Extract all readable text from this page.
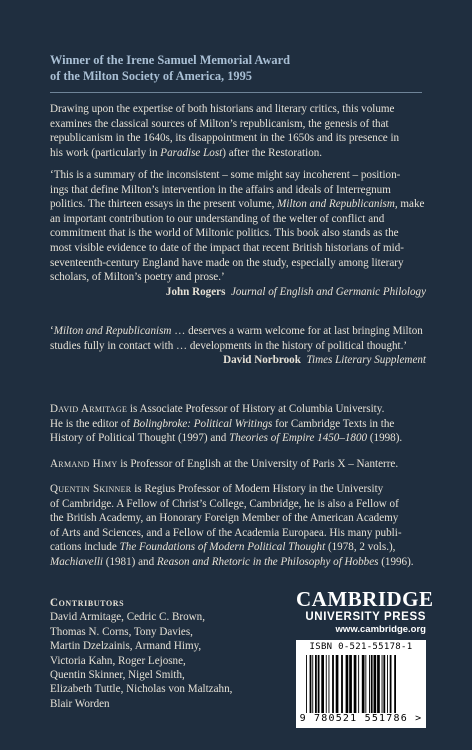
Winner of the Irene Samuel Memorial Award
of the Milton Society of America, 1995
Drawing upon the expertise of both historians and literary critics, this volume
examines the classical sources of Milton’s republicanism, the genesis of that
republicanism in the 1640s, its disappointment in the 1650s and its presence in
his work (particularly in Paradise Lost) after the Restoration.
‘This is a summary of the inconsistent – some might say incoherent – position-
ings that define Milton’s intervention in the affairs and ideals of Interregnum
politics. The thirteen essays in the present volume, Milton and Republicanism, make
an important contribution to our understanding of the welter of conflict and
commitment that is the world of Miltonic politics. This book also stands as the
most visible evidence to date of the impact that recent British historians of mid-
seventeenth-century England have made on the study, especially among literary
scholars, of Milton’s poetry and prose.’
John Rogers Journal of English and Germanic Philology
‘Milton and Republicanism … deserves a warm welcome for at last bringing Milton
studies fully in contact with … developments in the history of political thought.’
David Norbrook Times Literary Supplement
David Armitage is Associate Professor of History at Columbia University.
He is the editor of Bolingbroke: Political Writings for Cambridge Texts in the
History of Political Thought (1997) and Theories of Empire 1450–1800 (1998).
Armand Himy is Professor of English at the University of Paris X – Nanterre.
Quentin Skinner is Regius Professor of Modern History in the University
of Cambridge. A Fellow of Christ’s College, Cambridge, he is also a Fellow of
the British Academy, an Honorary Foreign Member of the American Academy
of Arts and Sciences, and a Fellow of the Academia Europaea. His many publi-
cations include The Foundations of Modern Political Thought (1978, 2 vols.),
Machiavelli (1981) and Reason and Rhetoric in the Philosophy of Hobbes (1996).
Contributors
David Armitage, Cedric C. Brown,
Thomas N. Corns, Tony Davies,
Martin Dzelzainis, Armand Himy,
Victoria Kahn, Roger Lejosne,
Quentin Skinner, Nigel Smith,
Elizabeth Tuttle, Nicholas von Maltzahn,
Blair Worden
CAMBRIDGE
UNIVERSITY PRESS
www.cambridge.org
ISBN 0-521-55178-1
9 780521 551786 >
